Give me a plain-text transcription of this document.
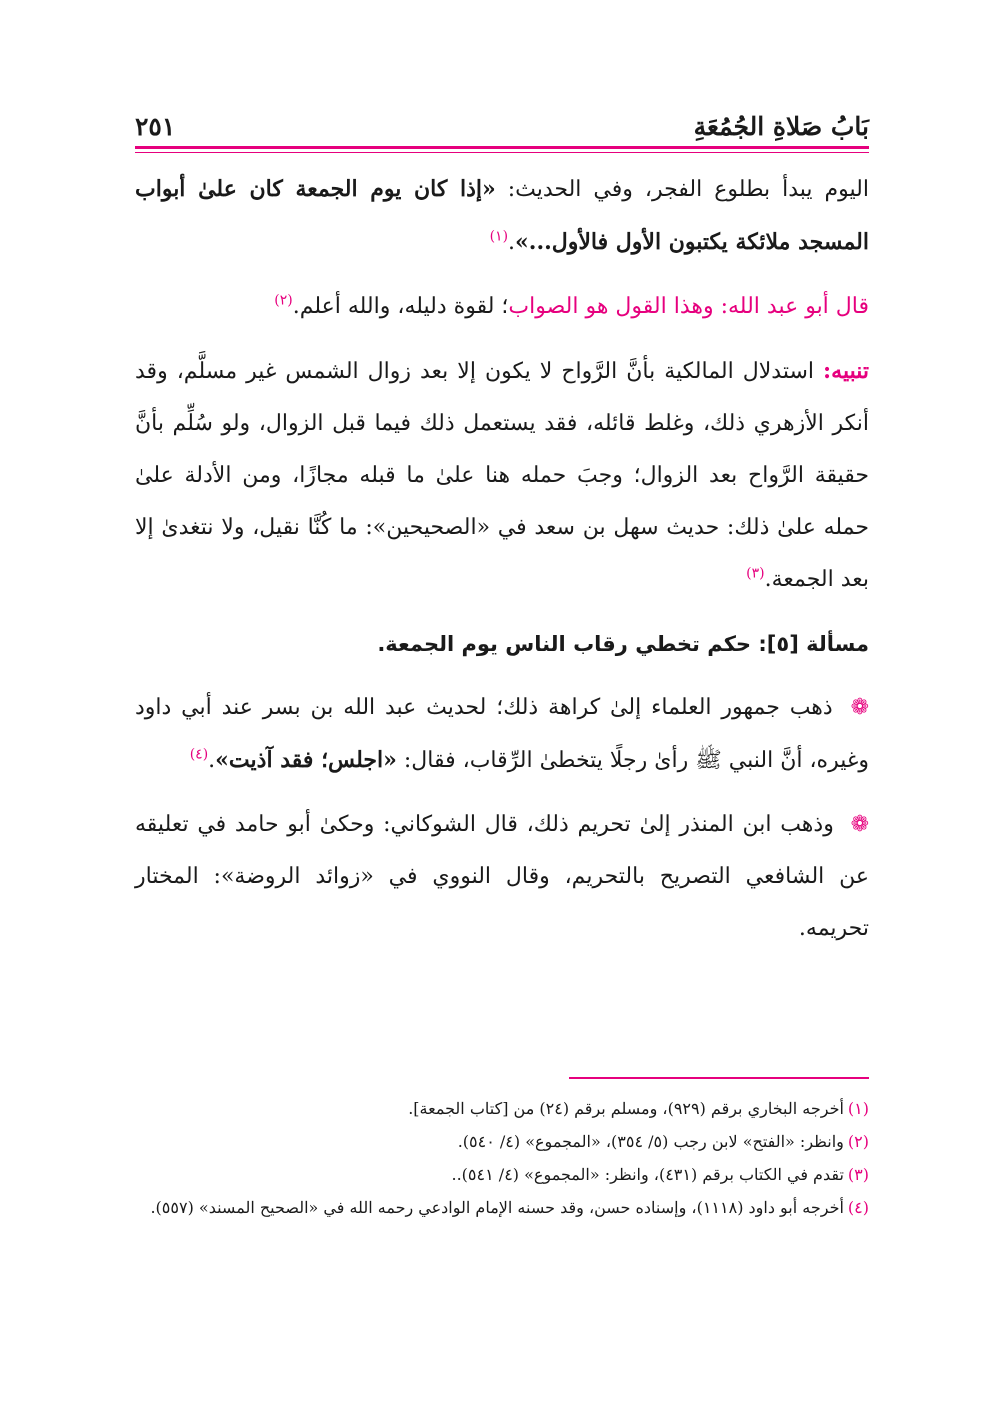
بَابُ صَلاةِ الجُمُعَةِ
٢٥١

اليوم يبدأ بطلوع الفجر، وفي الحديث: «إذا كان يوم الجمعة كان علىٰ أبواب المسجد ملائكة يكتبون الأول فالأول...».$^{(١)}$

قال أبو عبد الله: وهذا القول هو الصواب؛ لقوة دليله، والله أعلم.$^{(٢)}$

تنبيه: استدلال المالكية بأنَّ الرَّواح لا يكون إلا بعد زوال الشمس غير مسلَّم، وقد أنكر الأزهري ذلك، وغلط قائله، فقد يستعمل ذلك فيما قبل الزوال، ولو سُلِّم بأنَّ حقيقة الرَّواح بعد الزوال؛ وجبَ حمله هنا علىٰ ما قبله مجازًا، ومن الأدلة علىٰ حمله علىٰ ذلك: حديث سهل بن سعد في «الصحيحين»: ما كُنَّا نقيل، ولا نتغدىٰ إلا بعد الجمعة.$^{(٣)}$

مسألة [٥]: حكم تخطي رقاب الناس يوم الجمعة.

❁ ذهب جمهور العلماء إلىٰ كراهة ذلك؛ لحديث عبد الله بن بسر عند أبي داود وغيره، أنَّ النبي ﷺ رأىٰ رجلًا يتخطىٰ الرِّقاب، فقال: «اجلس؛ فقد آذيت».$^{(٤)}$

❁ وذهب ابن المنذر إلىٰ تحريم ذلك، قال الشوكاني: وحكىٰ أبو حامد في تعليقه عن الشافعي التصريح بالتحريم، وقال النووي في «زوائد الروضة»: المختار تحريمه.

(١)أخرجه البخاري برقم (٩٢٩)، ومسلم برقم (٢٤) من [كتاب الجمعة].

(٢)وانظر: «الفتح» لابن رجب (٥/ ٣٥٤)، «المجموع» (٤/ ٥٤٠).

(٣)تقدم في الكتاب برقم (٤٣١)، وانظر: «المجموع» (٤/ ٥٤١)..

(٤)أخرجه أبو داود (١١١٨)، وإسناده حسن، وقد حسنه الإمام الوادعي رحمه الله في «الصحيح المسند» (٥٥٧).
